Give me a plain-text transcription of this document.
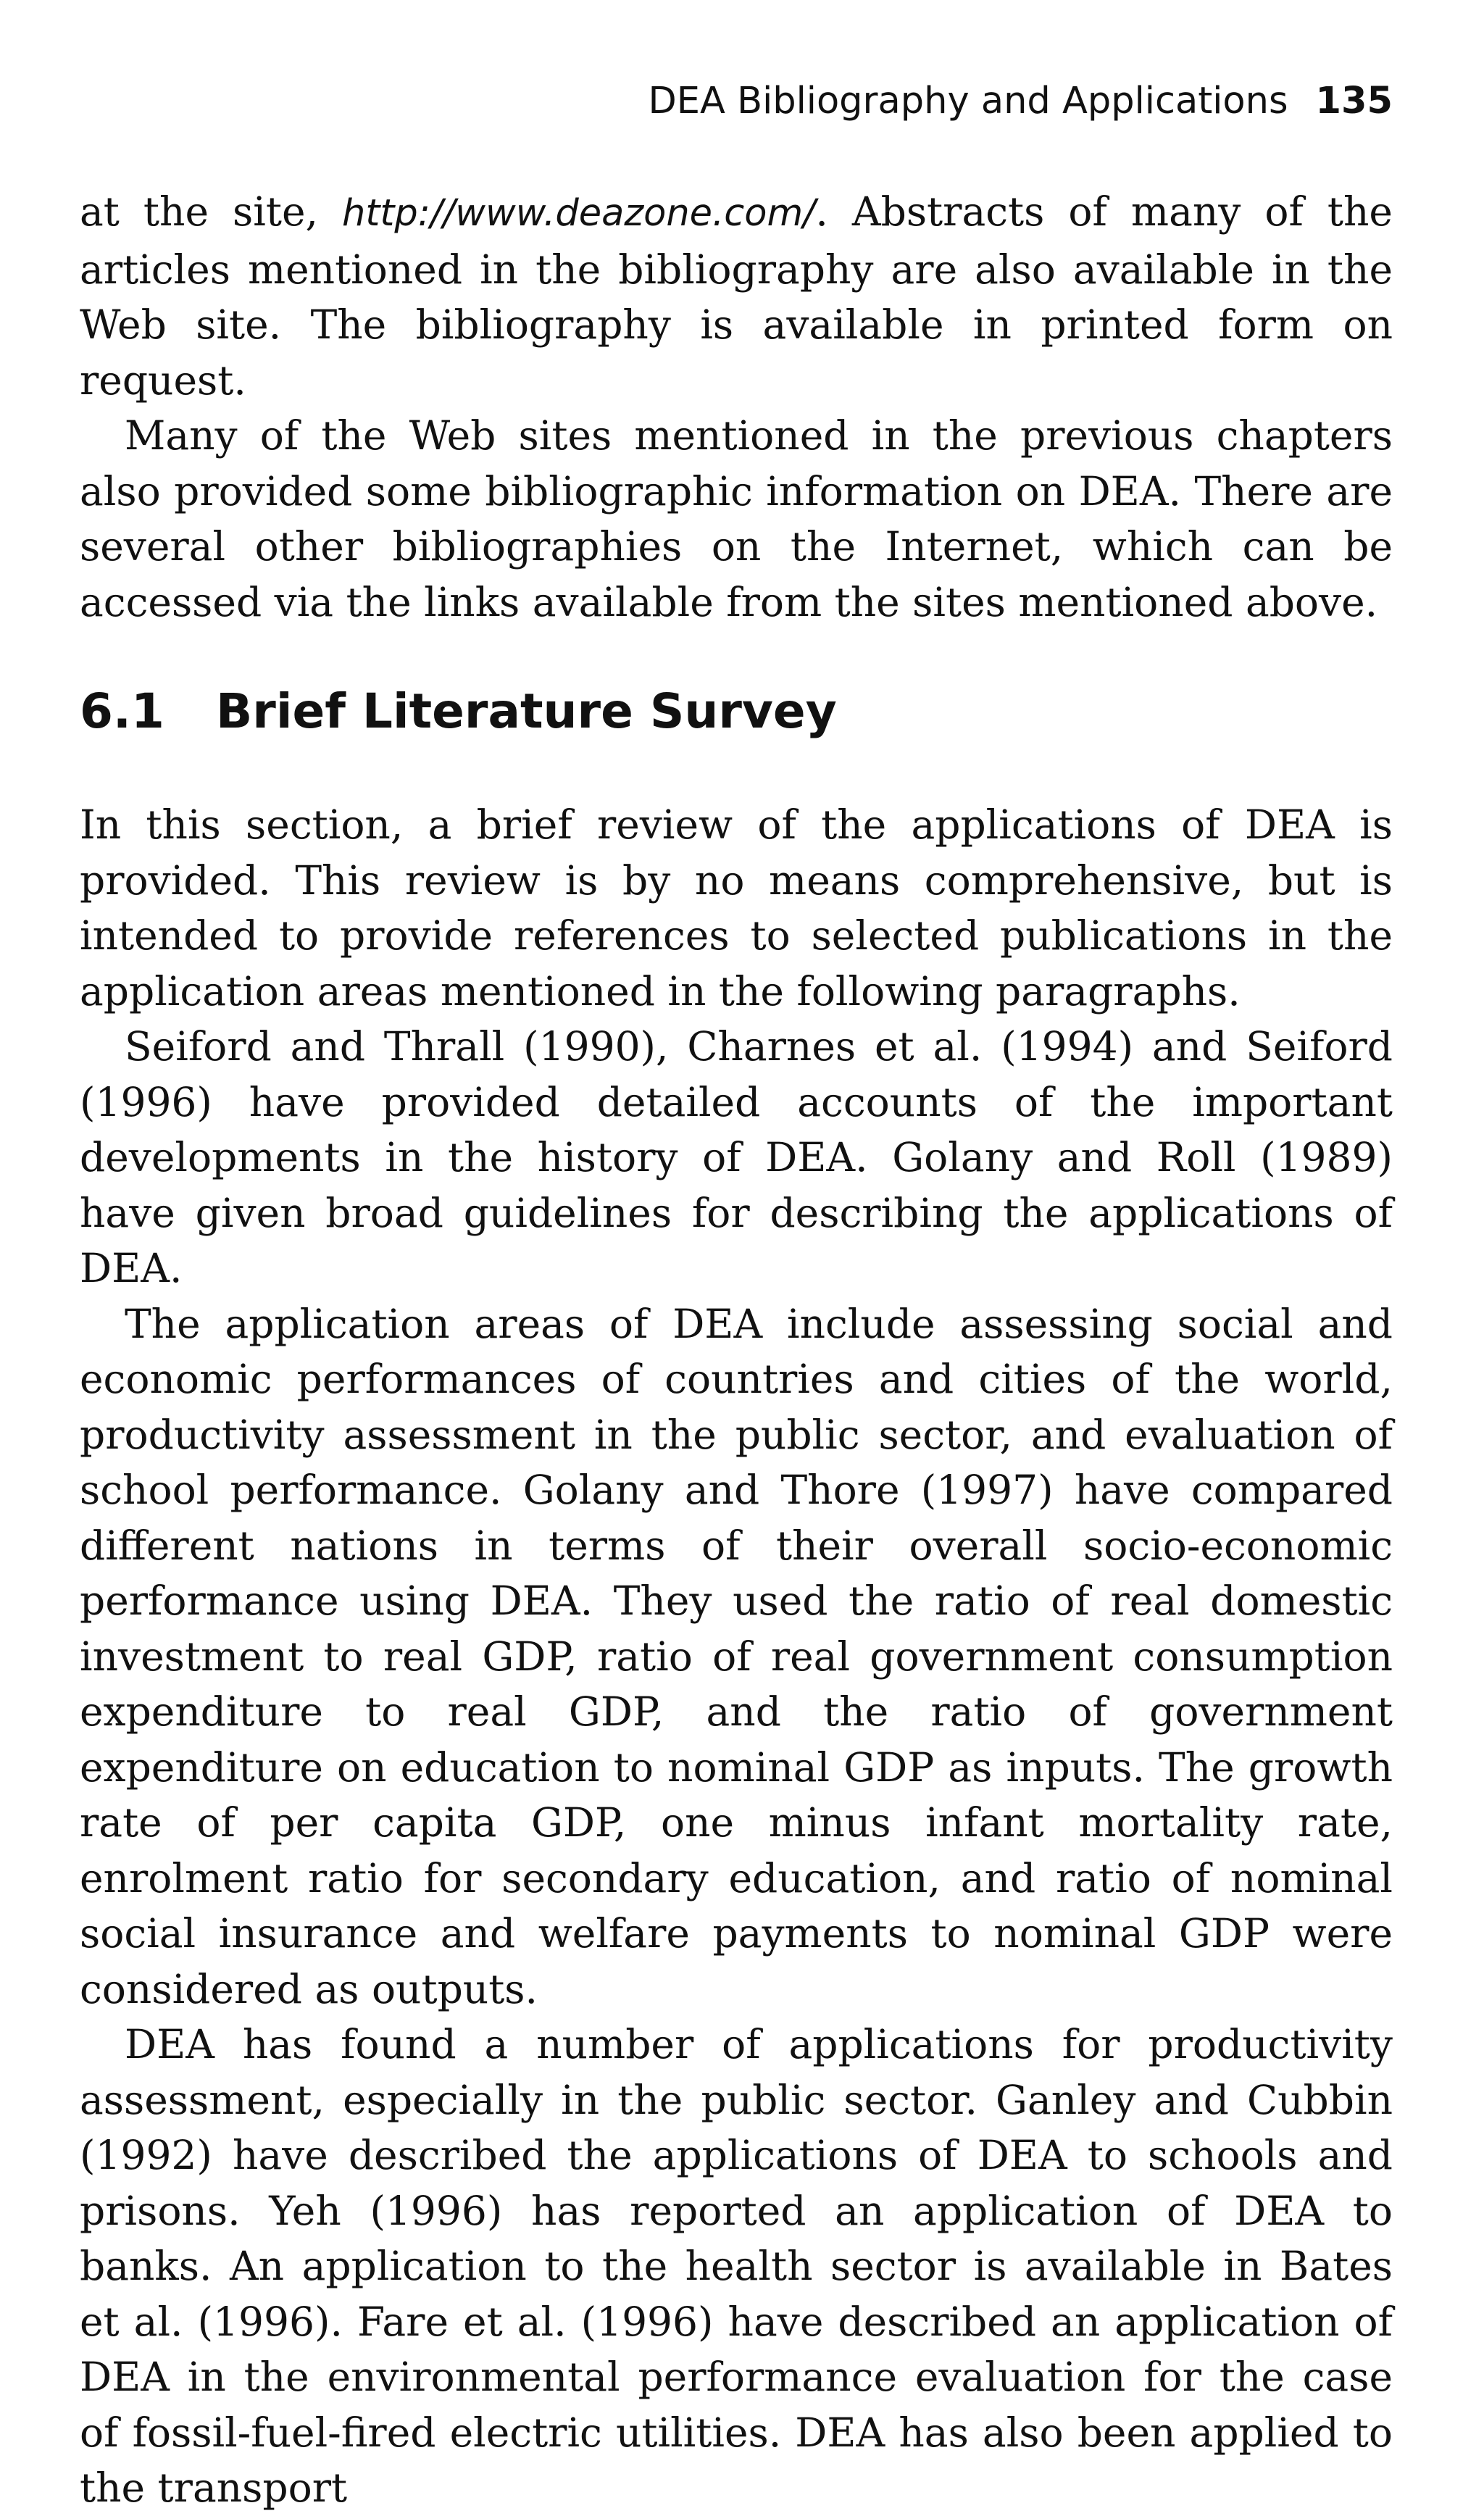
DEA Bibliography and Applications 135

at the site, http://www.deazone.com/. Abstracts of many of the articles mentioned in the bibliography are also available in the Web site. The bibliography is available in printed form on request.

Many of the Web sites mentioned in the previous chapters also provided some bibliographic information on DEA. There are several other bibliographies on the Internet, which can be accessed via the links available from the sites mentioned above.

6.1 Brief Literature Survey

In this section, a brief review of the applications of DEA is provided. This review is by no means comprehensive, but is intended to provide references to selected publications in the application areas mentioned in the following paragraphs.

Seiford and Thrall (1990), Charnes et al. (1994) and Seiford (1996) have provided detailed accounts of the important developments in the history of DEA. Golany and Roll (1989) have given broad guidelines for describing the applications of DEA.

The application areas of DEA include assessing social and economic performances of countries and cities of the world, productivity assessment in the public sector, and evaluation of school performance. Golany and Thore (1997) have compared different nations in terms of their overall socio-economic performance using DEA. They used the ratio of real domestic investment to real GDP, ratio of real government consumption expenditure to real GDP, and the ratio of government expenditure on education to nominal GDP as inputs. The growth rate of per capita GDP, one minus infant mortality rate, enrolment ratio for secondary education, and ratio of nominal social insurance and welfare payments to nominal GDP were considered as outputs.

DEA has found a number of applications for productivity assessment, especially in the public sector. Ganley and Cubbin (1992) have described the applications of DEA to schools and prisons. Yeh (1996) has reported an application of DEA to banks. An application to the health sector is available in Bates et al. (1996). Fare et al. (1996) have described an application of DEA in the environmental performance evaluation for the case of fossil-fuel-fired electric utilities. DEA has also been applied to the transport
